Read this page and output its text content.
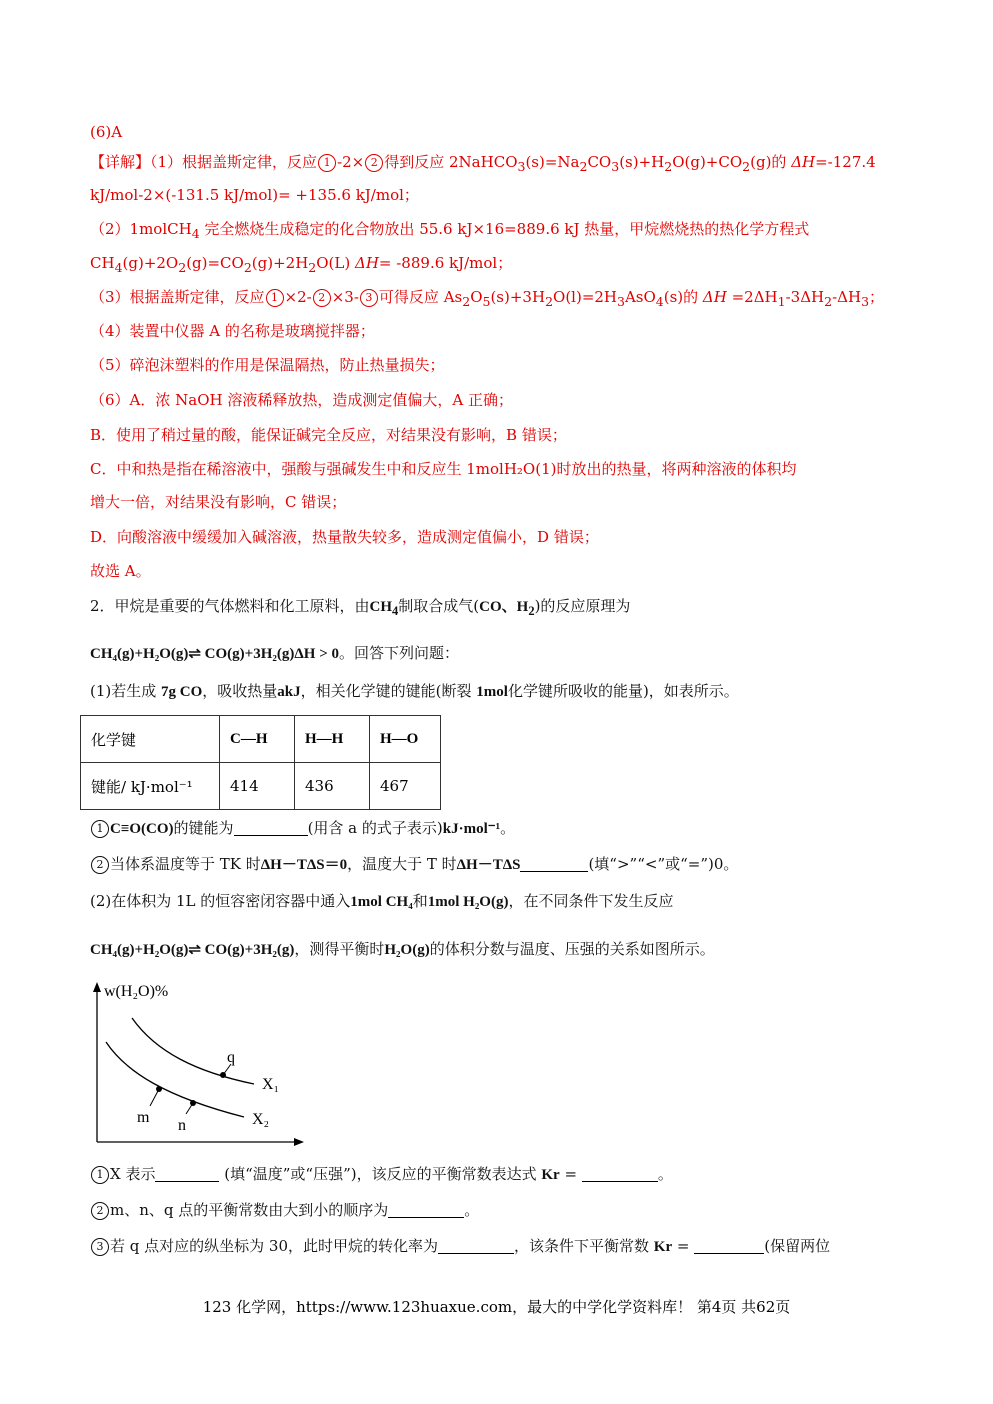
(6)A
【详解】（1）根据盖斯定律，反应 1 -2× 2 得到反应 $2NaHCO_3(s)=Na_2CO_3(s)+H_2O(g)+CO_2(g)$的 ΔH=-127.4
kJ/mol-2×(-131.5 kJ/mol)= +135.6 kJ/mol；
（2）1molCH$_4$ 完全燃烧生成稳定的化合物放出 55.6 kJ×16=889.6 kJ 热量，甲烷燃烧热的热化学方程式
$CH_4(g)+2O_2(g)=CO_2(g)+2H_2O(L)$ ΔH= -889.6 kJ/mol；
（3）根据盖斯定律，反应 1 ×2- 2 ×3- 3 可得反应 $As_2O_5(s)+3H_2O(l)=2H_3AsO_4(s)$的 $\Delta H =2\Delta H_1-3\Delta H_2-\Delta H_3$；
（4）装置中仪器 A 的名称是玻璃搅拌器；
（5）碎泡沫塑料的作用是保温隔热，防止热量损失；
（6）A．浓 NaOH 溶液稀释放热，造成测定值偏大，A 正确；
B．使用了稍过量的酸，能保证碱完全反应，对结果没有影响，B 错误；
C．中和热是指在稀溶液中，强酸与强碱发生中和反应生 1molH₂O(1)时放出的热量，将两种溶液的体积均
增大一倍，对结果没有影响，C 错误；
D．向酸溶液中缓缓加入碱溶液，热量散失较多，造成测定值偏小，D 错误；
故选 A。
2．甲烷是重要的气体燃料和化工原料，由$CH_4$制取合成气(CO、$H_2$)的反应原理为
CH₄(g)+H₂O(g)⇌ CO(g)+3H₂(g)ΔH > 0。回答下列问题：
(1)若生成 7g CO，吸收热量akJ，相关化学键的键能(断裂 1mol化学键所吸收的能量)，如表所示。
化学键	C—H	H—H	H—O
键能/ kJ·mol⁻¹	414	436	467
1 C≡O(CO)的键能为	(用含 a 的式子表示)kJ·mol⁻¹。
2 当体系温度等于 TK 时ΔH－TΔS＝0，温度大于 T 时ΔH－TΔS	(填“>”“<”或“=”)0。
(2)在体积为 1L 的恒容密闭容器中通入1mol CH₄和1mol H₂O(g)，在不同条件下发生反应
CH₄(g)+H₂O(g)⇌ CO(g)+3H₂(g)，测得平衡时H₂O(g)的体积分数与温度、压强的关系如图所示。
w(H₂O)%
q
m n
X₁
X₂
1 X 表示	(填“温度”或“压强”)，该反应的平衡常数表达式 Kr =	。
2 m、n、q 点的平衡常数由大到小的顺序为	。
3 若 q 点对应的纵坐标为 30，此时甲烷的转化率为	，该条件下平衡常数 Kr =	(保留两位
123 化学网，https://www.123huaxue.com，最大的中学化学资料库！ 第4页 共62页
